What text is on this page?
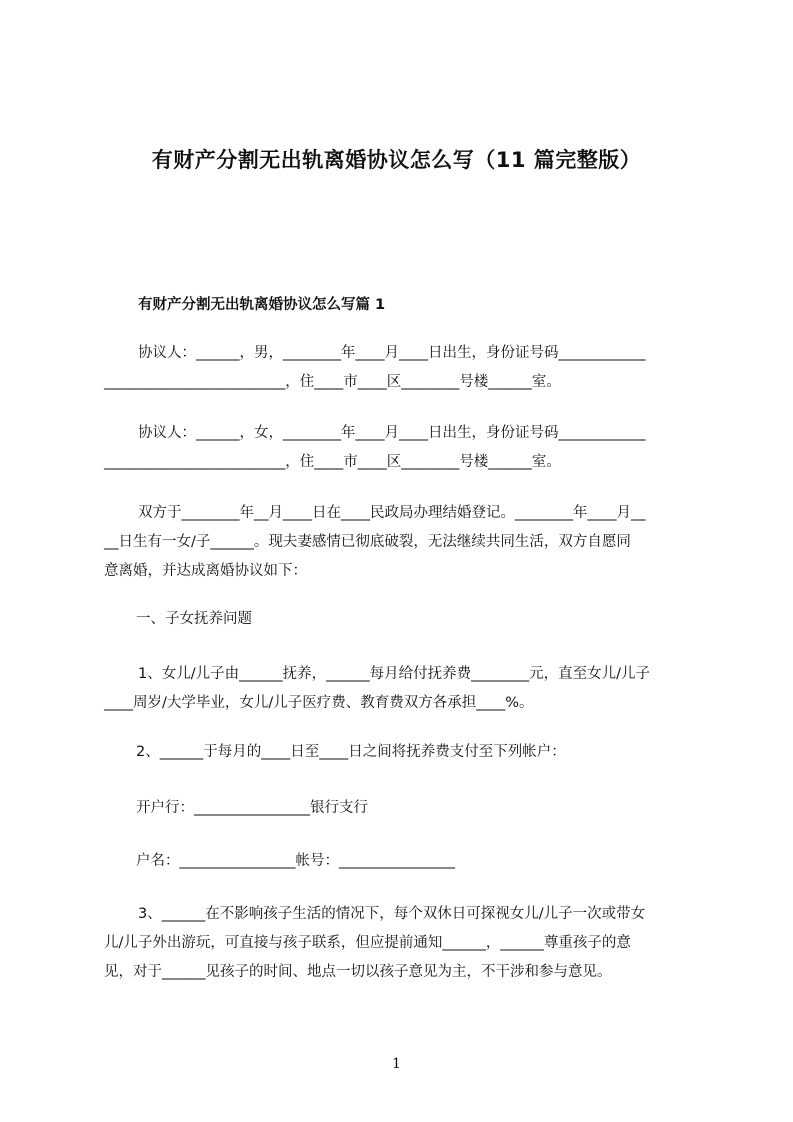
有财产分割无出轨离婚协议怎么写（11 篇完整版）
有财产分割无出轨离婚协议怎么写篇 1
协议人：______，男，________年____月____日出生，身份证号码____________
_________________________，住____市____区________号楼______室。
协议人：______，女，________年____月____日出生，身份证号码____________
_________________________，住____市____区________号楼______室。
双方于________年__月____日在____民政局办理结婚登记。________年____月__
__日生有一女/子______。现夫妻感情已彻底破裂，无法继续共同生活，双方自愿同
意离婚，并达成离婚协议如下：
一、子女抚养问题
1、女儿/儿子由______抚养，______每月给付抚养费________元，直至女儿/儿子
____周岁/大学毕业，女儿/儿子医疗费、教育费双方各承担____%。
2、______于每月的____日至____日之间将抚养费支付至下列帐户：
开户行：________________银行支行
户名：________________帐号：________________
3、______在不影响孩子生活的情况下，每个双休日可探视女儿/儿子一次或带女
儿/儿子外出游玩，可直接与孩子联系，但应提前通知______，______尊重孩子的意
见，对于______见孩子的时间、地点一切以孩子意见为主，不干涉和参与意见。
1
